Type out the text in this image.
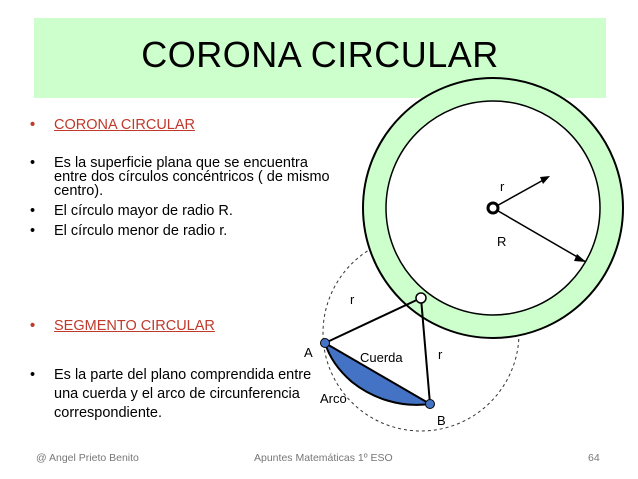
CORONA CIRCULAR
r
R
r
r
A
B
Cuerda
Arco
• CORONA CIRCULAR
• Es la superficie plana que se encuentra
entre dos círculos concéntricos ( de mismo
centro).
• El círculo mayor de radio R.
• El círculo menor de radio r.
• SEGMENTO CIRCULAR
• Es la parte del plano comprendida entre
una cuerda y el arco de circunferencia
correspondiente.
@ Angel Prieto Benito	Apuntes Matemáticas 1º ESO	64
